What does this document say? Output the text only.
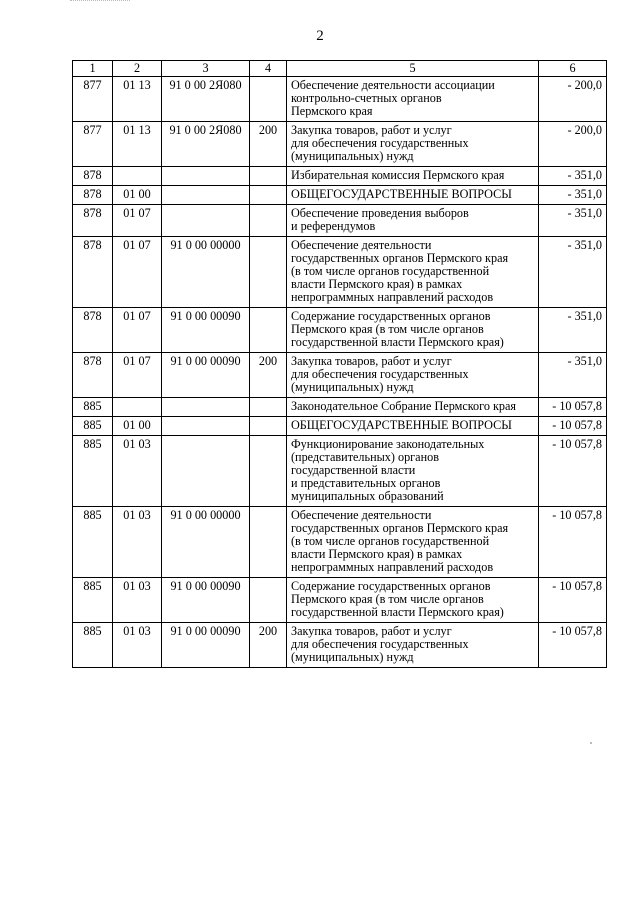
2
1	2	3	4	5	6
877	01 13	91 0 00 2Я080		Обеспечение деятельности ассоциации
контрольно-счетных органов
Пермского края	- 200,0
877	01 13	91 0 00 2Я080	200	Закупка товаров, работ и услуг
для обеспечения государственных
(муниципальных) нужд	- 200,0
878				Избирательная комиссия Пермского края	- 351,0
878	01 00			ОБЩЕГОСУДАРСТВЕННЫЕ ВОПРОСЫ	- 351,0
878	01 07			Обеспечение проведения выборов
и референдумов	- 351,0
878	01 07	91 0 00 00000		Обеспечение деятельности
государственных органов Пермского края
(в том числе органов государственной
власти Пермского края) в рамках
непрограммных направлений расходов	- 351,0
878	01 07	91 0 00 00090		Содержание государственных органов
Пермского края (в том числе органов
государственной власти Пермского края)	- 351,0
878	01 07	91 0 00 00090	200	Закупка товаров, работ и услуг
для обеспечения государственных
(муниципальных) нужд	- 351,0
885				Законодательное Собрание Пермского края	- 10 057,8
885	01 00			ОБЩЕГОСУДАРСТВЕННЫЕ ВОПРОСЫ	- 10 057,8
885	01 03			Функционирование законодательных
(представительных) органов
государственной власти
и представительных органов
муниципальных образований	- 10 057,8
885	01 03	91 0 00 00000		Обеспечение деятельности
государственных органов Пермского края
(в том числе органов государственной
власти Пермского края) в рамках
непрограммных направлений расходов	- 10 057,8
885	01 03	91 0 00 00090		Содержание государственных органов
Пермского края (в том числе органов
государственной власти Пермского края)	- 10 057,8
885	01 03	91 0 00 00090	200	Закупка товаров, работ и услуг
для обеспечения государственных
(муниципальных) нужд	- 10 057,8
